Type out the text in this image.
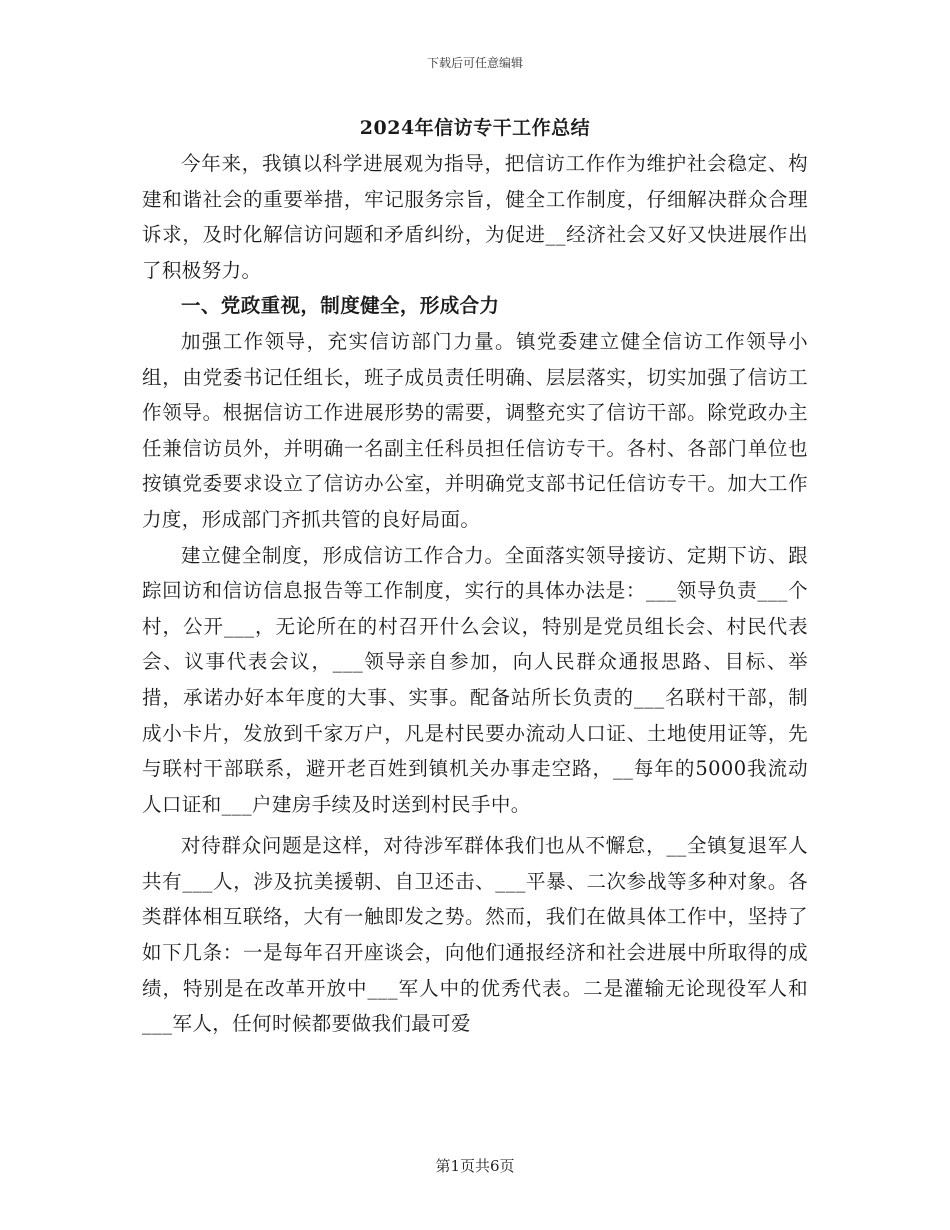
下载后可任意编辑
2024年信访专干工作总结

今年来，我镇以科学进展观为指导，把信访工作作为维护社会稳定、构建和谐社会的重要举措，牢记服务宗旨，健全工作制度，仔细解决群众合理诉求，及时化解信访问题和矛盾纠纷，为促进__经济社会又好又快进展作出了积极努力。

一、党政重视，制度健全，形成合力

加强工作领导，充实信访部门力量。镇党委建立健全信访工作领导小组，由党委书记任组长，班子成员责任明确、层层落实，切实加强了信访工作领导。根据信访工作进展形势的需要，调整充实了信访干部。除党政办主任兼信访员外，并明确一名副主任科员担任信访专干。各村、各部门单位也按镇党委要求设立了信访办公室，并明确党支部书记任信访专干。加大工作力度，形成部门齐抓共管的良好局面。

建立健全制度，形成信访工作合力。全面落实领导接访、定期下访、跟踪回访和信访信息报告等工作制度，实行的具体办法是：___领导负责___个村，公开___，无论所在的村召开什么会议，特别是党员组长会、村民代表会、议事代表会议，___领导亲自参加，向人民群众通报思路、目标、举措，承诺办好本年度的大事、实事。配备站所长负责的___名联村干部，制成小卡片，发放到千家万户，凡是村民要办流动人口证、土地使用证等，先与联村干部联系，避开老百姓到镇机关办事走空路，__每年的5000我流动人口证和___户建房手续及时送到村民手中。

对待群众问题是这样，对待涉军群体我们也从不懈怠，__全镇复退军人共有___人，涉及抗美援朝、自卫还击、___平暴、二次参战等多种对象。各类群体相互联络，大有一触即发之势。然而，我们在做具体工作中，坚持了如下几条：一是每年召开座谈会，向他们通报经济和社会进展中所取得的成绩，特别是在改革开放中___军人中的优秀代表。二是灌输无论现役军人和___军人，任何时候都要做我们最可爱

第1页共6页
